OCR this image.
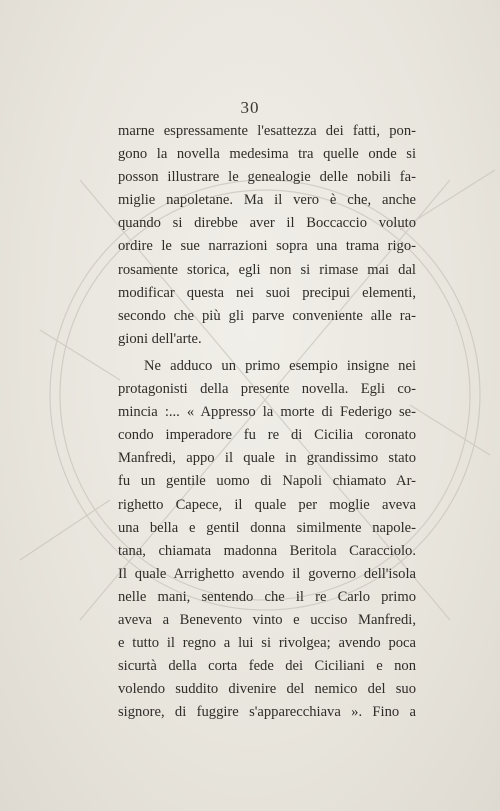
30
marne espressamente l'esattezza dei fatti, pon-
gono la novella medesima tra quelle onde si
posson illustrare le genealogie delle nobili fa-
miglie napoletane. Ma il vero è che, anche
quando si direbbe aver il Boccaccio voluto
ordire le sue narrazioni sopra una trama rigo-
rosamente storica, egli non si rimase mai dal
modificar questa nei suoi precipui elementi,
secondo che più gli parve conveniente alle ra-
gioni dell'arte.
Ne adduco un primo esempio insigne nei
protagonisti della presente novella. Egli co-
mincia :... « Appresso la morte di Federigo se-
condo imperadore fu re di Cicilia coronato
Manfredi, appo il quale in grandissimo stato
fu un gentile uomo di Napoli chiamato Ar-
righetto Capece, il quale per moglie aveva
una bella e gentil donna similmente napole-
tana, chiamata madonna Beritola Caracciolo.
Il quale Arrighetto avendo il governo dell'isola
nelle mani, sentendo che il re Carlo primo
aveva a Benevento vinto e ucciso Manfredi,
e tutto il regno a lui si rivolgea; avendo poca
sicurtà della corta fede dei Ciciliani e non
volendo suddito divenire del nemico del suo
signore, di fuggire s'apparecchiava ». Fino a
